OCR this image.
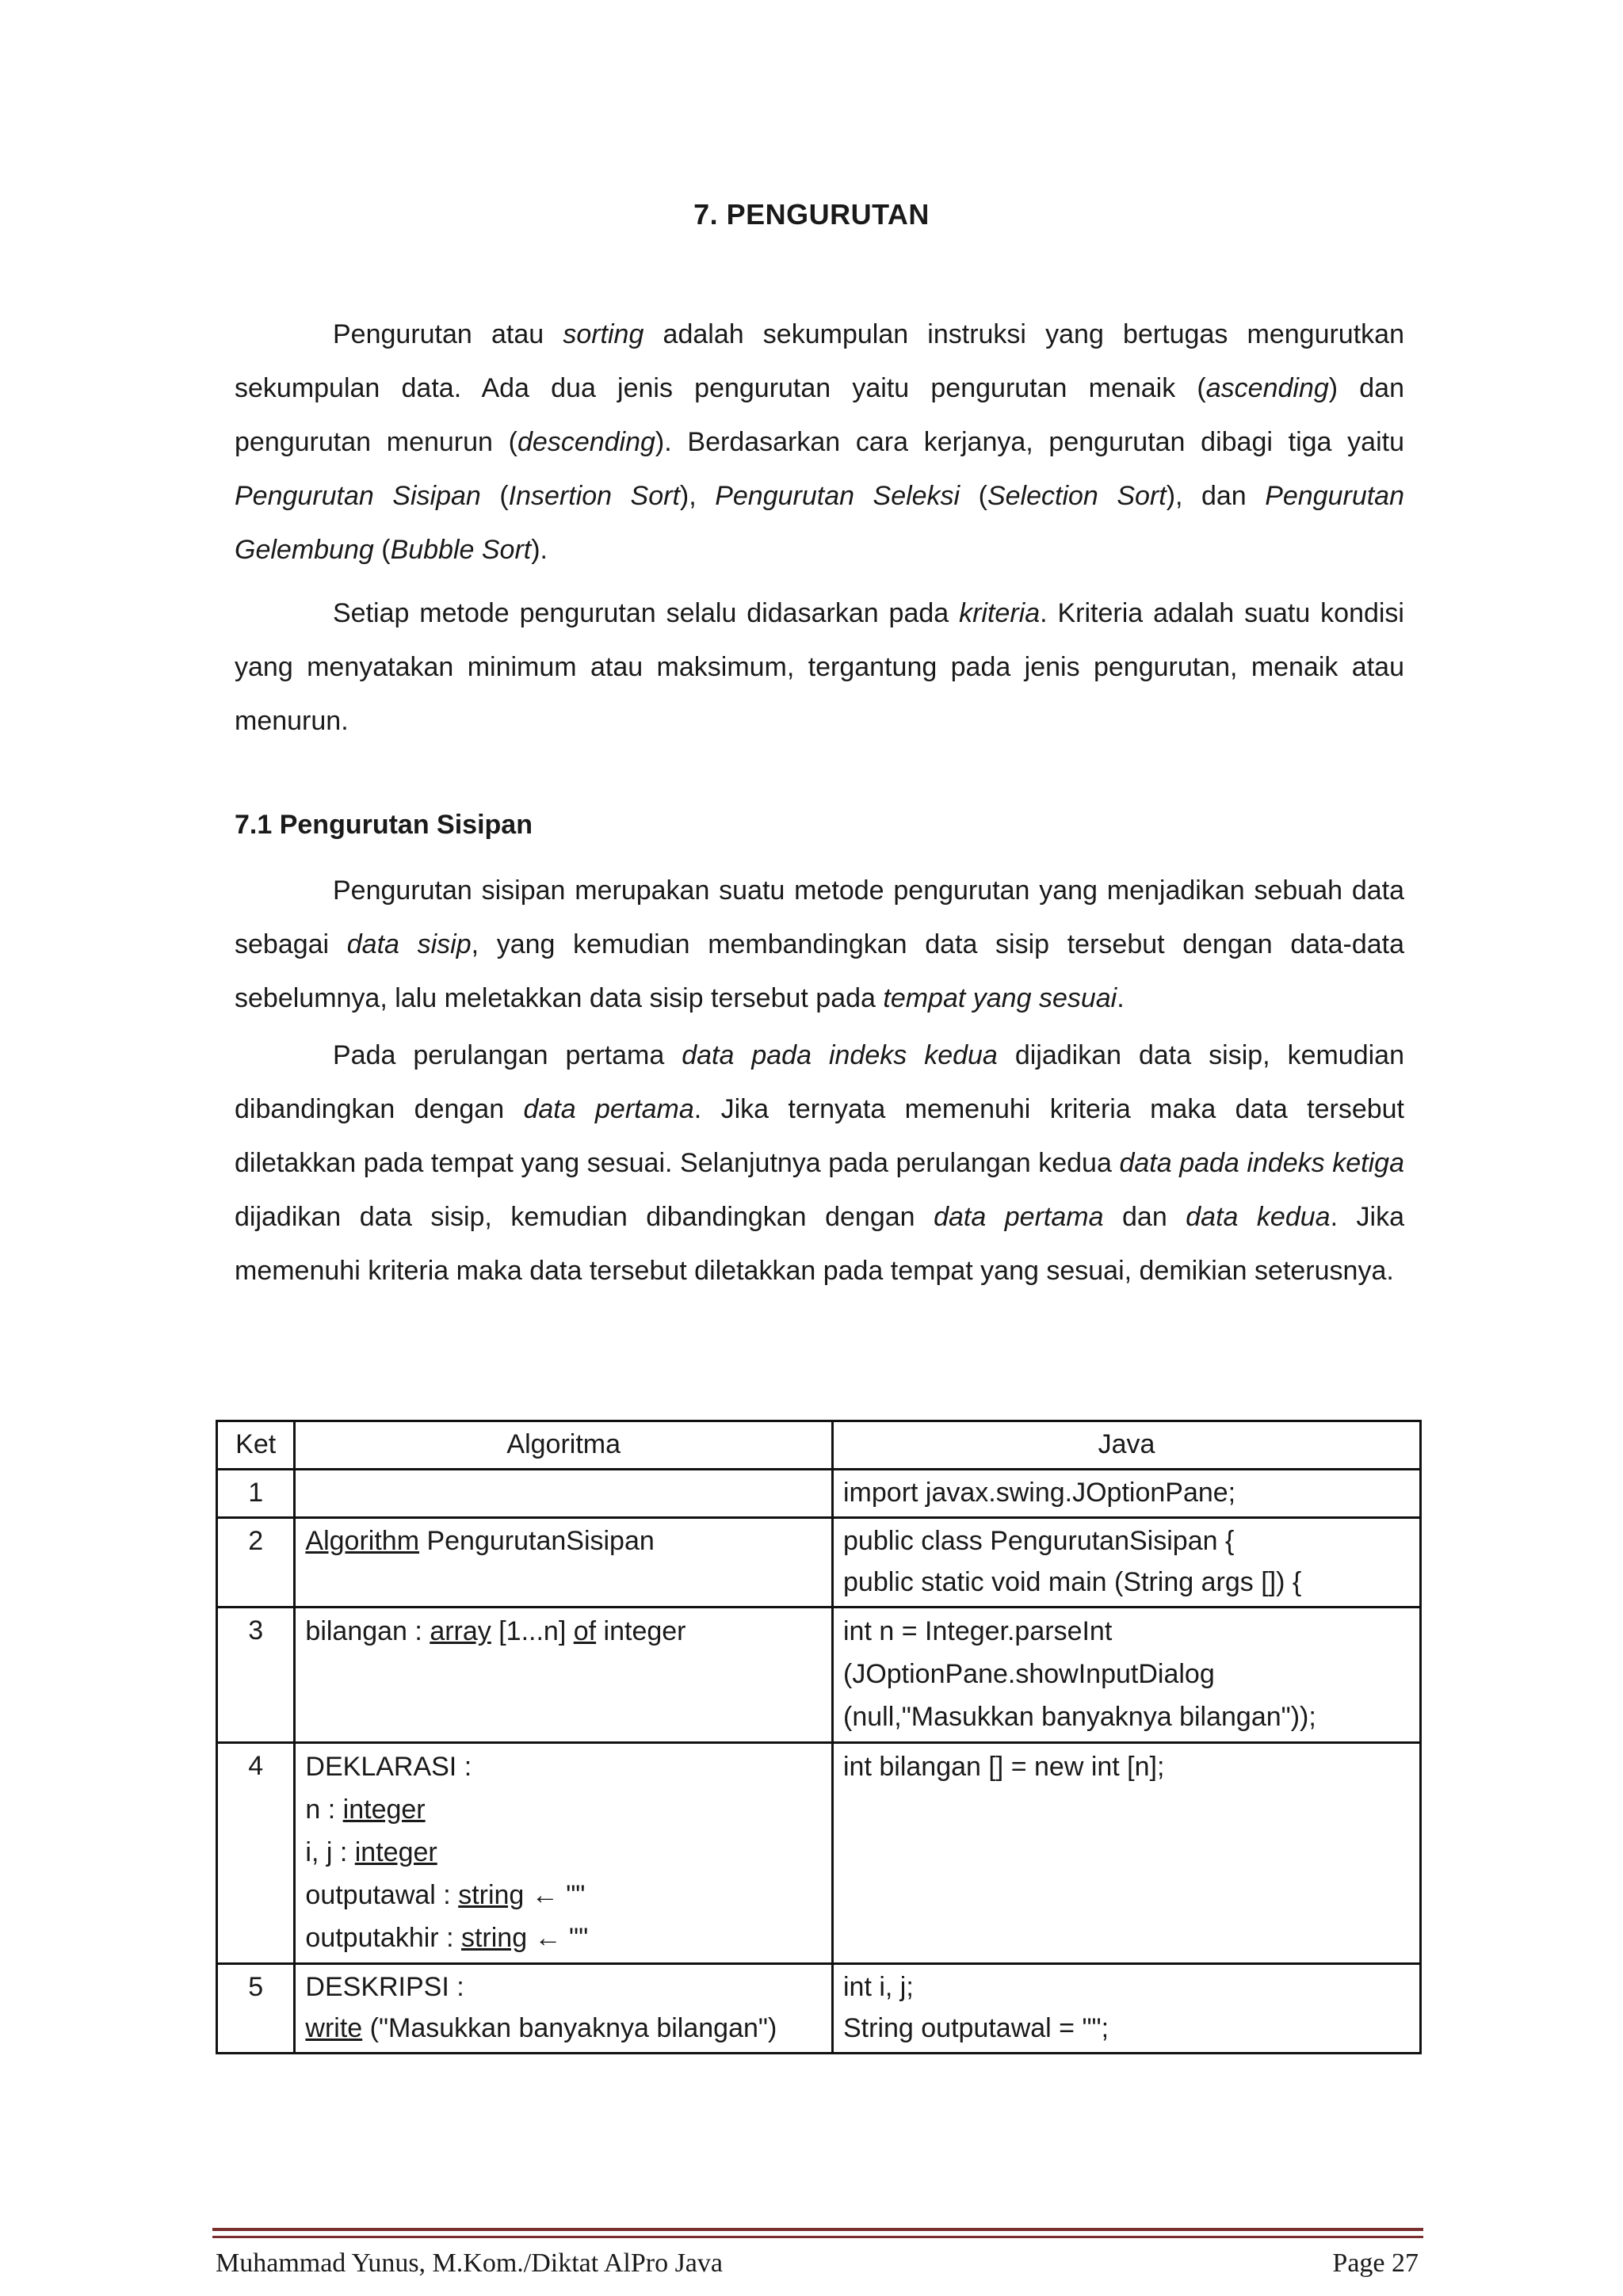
7. PENGURUTAN

Pengurutan atau sorting adalah sekumpulan instruksi yang bertugas mengurutkan sekumpulan data. Ada dua jenis pengurutan yaitu pengurutan menaik (ascending) dan pengurutan menurun (descending). Berdasarkan cara kerjanya, pengurutan dibagi tiga yaitu Pengurutan Sisipan (Insertion Sort), Pengurutan Seleksi (Selection Sort), dan Pengurutan Gelembung (Bubble Sort).

Setiap metode pengurutan selalu didasarkan pada kriteria. Kriteria adalah suatu kondisi yang menyatakan minimum atau maksimum, tergantung pada jenis pengurutan, menaik atau menurun.

7.1 Pengurutan Sisipan

Pengurutan sisipan merupakan suatu metode pengurutan yang menjadikan sebuah data sebagai data sisip, yang kemudian membandingkan data sisip tersebut dengan data-data sebelumnya, lalu meletakkan data sisip tersebut pada tempat yang sesuai.

Pada perulangan pertama data pada indeks kedua dijadikan data sisip, kemudian dibandingkan dengan data pertama. Jika ternyata memenuhi kriteria maka data tersebut diletakkan pada tempat yang sesuai. Selanjutnya pada perulangan kedua data pada indeks ketiga dijadikan data sisip, kemudian dibandingkan dengan data pertama dan data kedua. Jika memenuhi kriteria maka data tersebut diletakkan pada tempat yang sesuai, demikian seterusnya.

Ket	Algoritma	Java
1		import javax.swing.JOptionPane;

2	Algorithm PengurutanSisipan	public class PengurutanSisipan {
public static void main (String args []) {

3	bilangan : array [1...n] of integer	int n = Integer.parseInt
(JOptionPane.showInputDialog
(null,"Masukkan banyaknya bilangan"));

4	DEKLARASI :
n : integer
i, j : integer
outputawal : string ← ""
outputakhir : string ← ""	int bilangan [] = new int [n];

5	DESKRIPSI :
write ("Masukkan banyaknya bilangan")	int i, j;
String outputawal = "";
Muhammad Yunus, M.Kom./Diktat AlPro Java	Page 27
